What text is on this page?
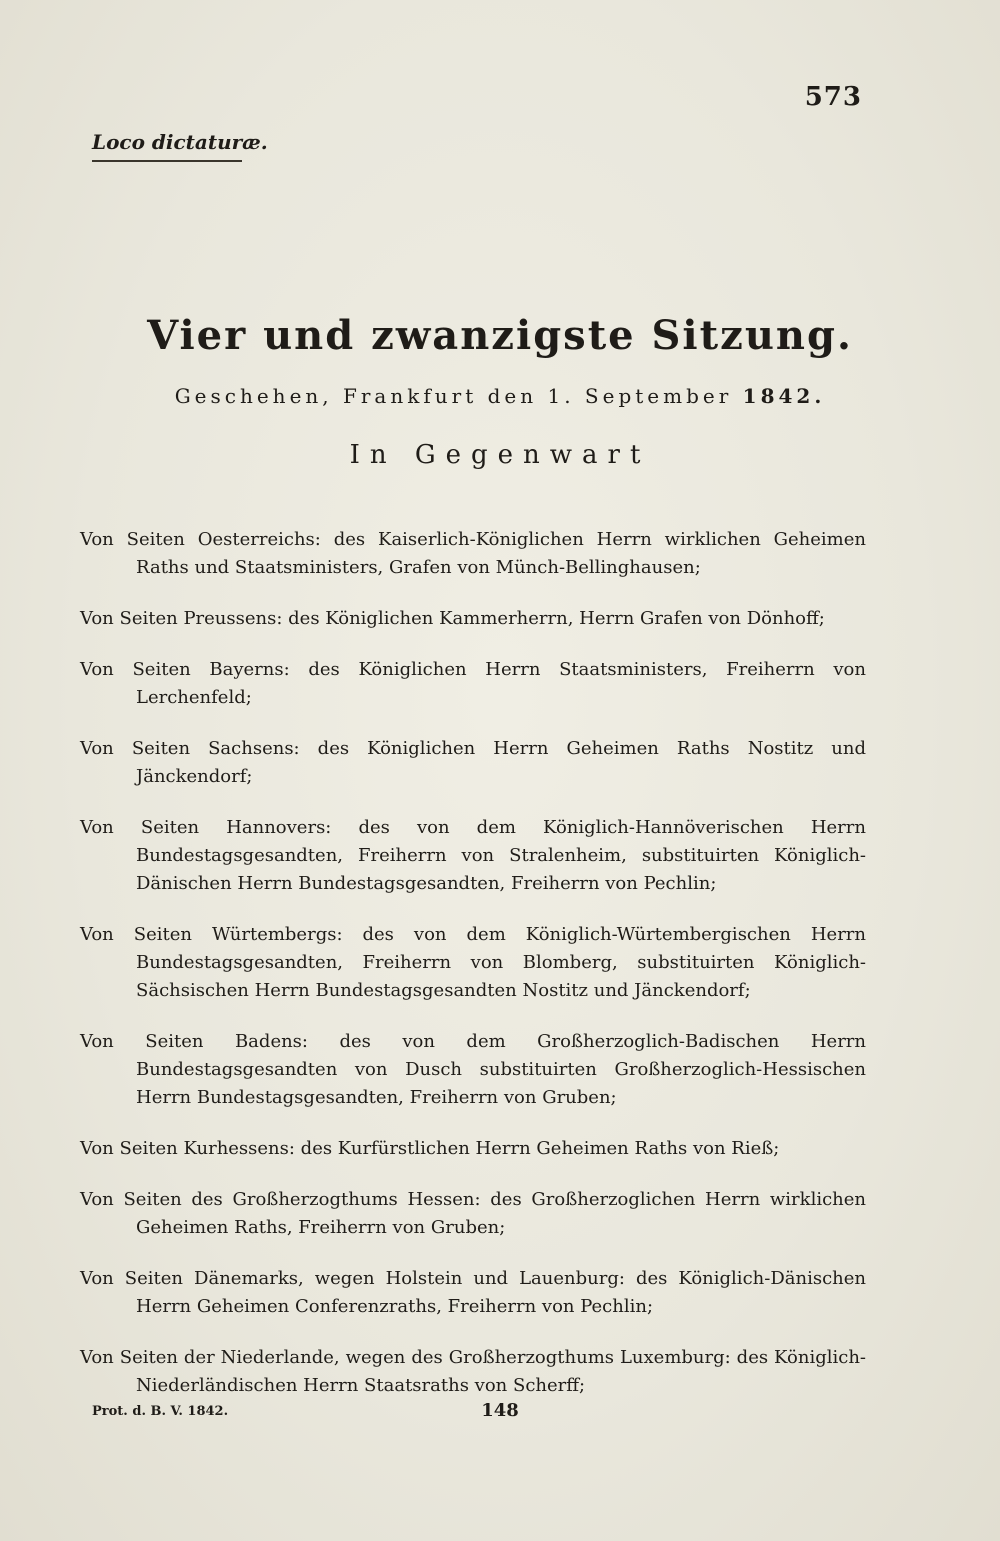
573
Loco dictaturæ.
Vier und zwanzigste Sitzung.
Geschehen, Frankfurt den 1. September 1842.
In Gegenwart

Von Seiten Oesterreichs: des Kaiserlich-Königlichen Herrn wirklichen Geheimen Raths und Staatsministers, Grafen von Münch-Bellinghausen;

Von Seiten Preussens: des Königlichen Kammerherrn, Herrn Grafen von Dönhoff;

Von Seiten Bayerns: des Königlichen Herrn Staatsministers, Freiherrn von Lerchenfeld;

Von Seiten Sachsens: des Königlichen Herrn Geheimen Raths Nostitz und Jänckendorf;

Von Seiten Hannovers: des von dem Königlich-Hannöverischen Herrn Bundestagsgesandten, Freiherrn von Stralenheim, substituirten Königlich-Dänischen Herrn Bundestagsgesandten, Freiherrn von Pechlin;

Von Seiten Würtembergs: des von dem Königlich-Würtembergischen Herrn Bundestagsgesandten, Freiherrn von Blomberg, substituirten Königlich-Sächsischen Herrn Bundestagsgesandten Nostitz und Jänckendorf;

Von Seiten Badens: des von dem Großherzoglich-Badischen Herrn Bundestagsgesandten von Dusch substituirten Großherzoglich-Hessischen Herrn Bundestagsgesandten, Freiherrn von Gruben;

Von Seiten Kurhessens: des Kurfürstlichen Herrn Geheimen Raths von Rieß;

Von Seiten des Großherzogthums Hessen: des Großherzoglichen Herrn wirklichen Geheimen Raths, Freiherrn von Gruben;

Von Seiten Dänemarks, wegen Holstein und Lauenburg: des Königlich-Dänischen Herrn Geheimen Conferenzraths, Freiherrn von Pechlin;

Von Seiten der Niederlande, wegen des Großherzogthums Luxemburg: des Königlich-Niederländischen Herrn Staatsraths von Scherff;

Prot. d. B. V. 1842.	148
